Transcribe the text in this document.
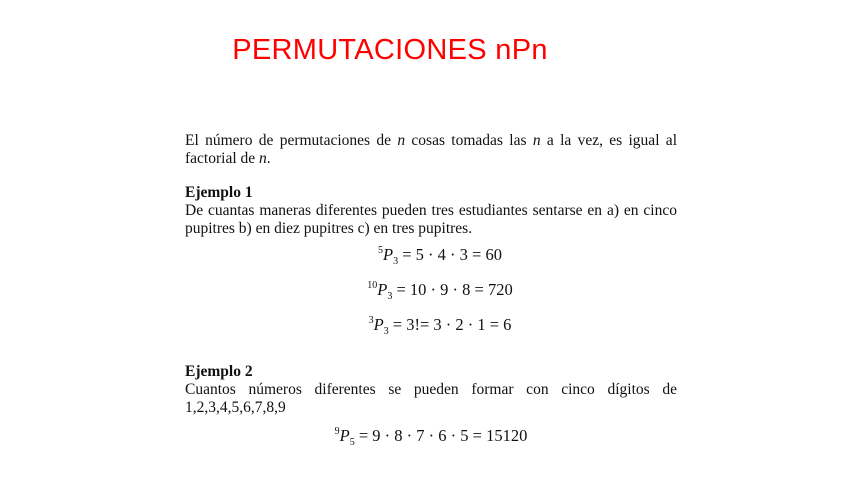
PERMUTACIONES nPn

El número de permutaciones de n cosas tomadas las n a la vez, es igual al factorial de n.

Ejemplo 1

De cuantas maneras diferentes pueden tres estudiantes sentarse en a) en cinco pupitres b) en diez pupitres c) en tres pupitres.

$^5P_3 = 5 \cdot 4 \cdot 3 = 60$
$^{10}P_3 = 10 \cdot 9 \cdot 8 = 720$
$^3P_3 = 3!= 3 \cdot 2 \cdot 1 = 6$

Ejemplo 2

Cuantos números diferentes se pueden formar con cinco dígitos de

1,2,3,4,5,6,7,8,9

$^9P_5 = 9 \cdot 8 \cdot 7 \cdot 6 \cdot 5 = 15120$
